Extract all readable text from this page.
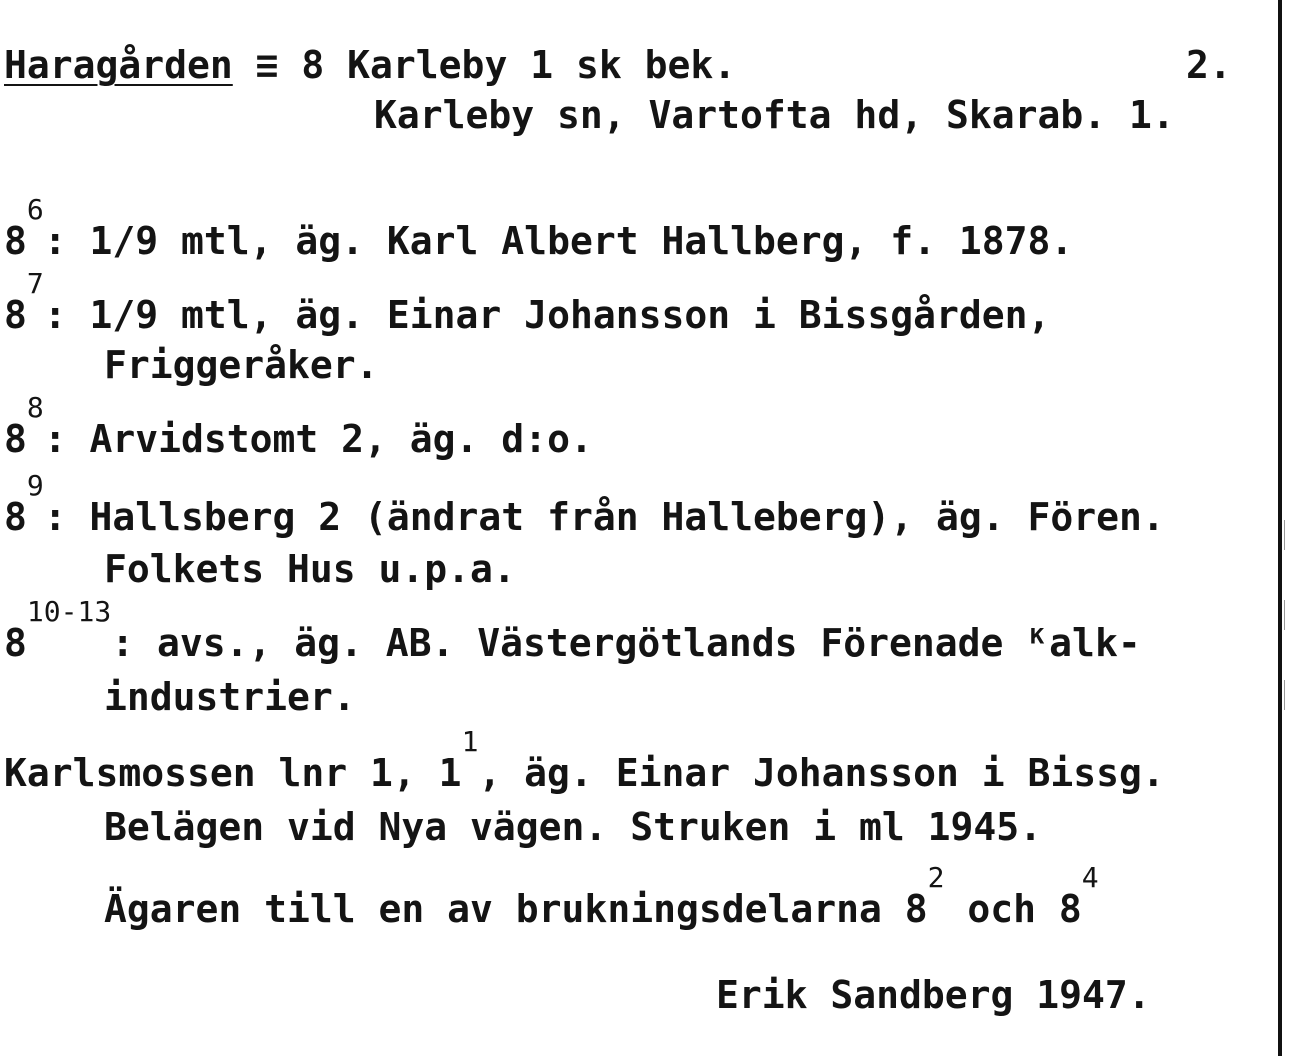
Haragården ≡ 8 Karleby 1 sk bek.	2.
Karleby sn, Vartofta hd, Skarab. 1.
$8^6$: 1/9 mtl, äg. Karl Albert Hallberg, f. 1878.
$8^7$: 1/9 mtl, äg. Einar Johansson i Bissgården,
Friggeråker.
$8^8$: Arvidstomt 2, äg. d:o.
$8^9$: Hallsberg 2 (ändrat från Halleberg), äg. Fören.
Folkets Hus u.p.a.
8$^{10-13}$: avs., äg. AB. Västergötlands Förenade ᴷalk-
industrier.
Karlsmossen lnr 1, $1^1$, äg. Einar Johansson i Bissg.
Belägen vid Nya vägen. Struken i ml 1945.
Ägaren till en av brukningsdelarna $8^2$ och $8^4$
Erik Sandberg 1947.
